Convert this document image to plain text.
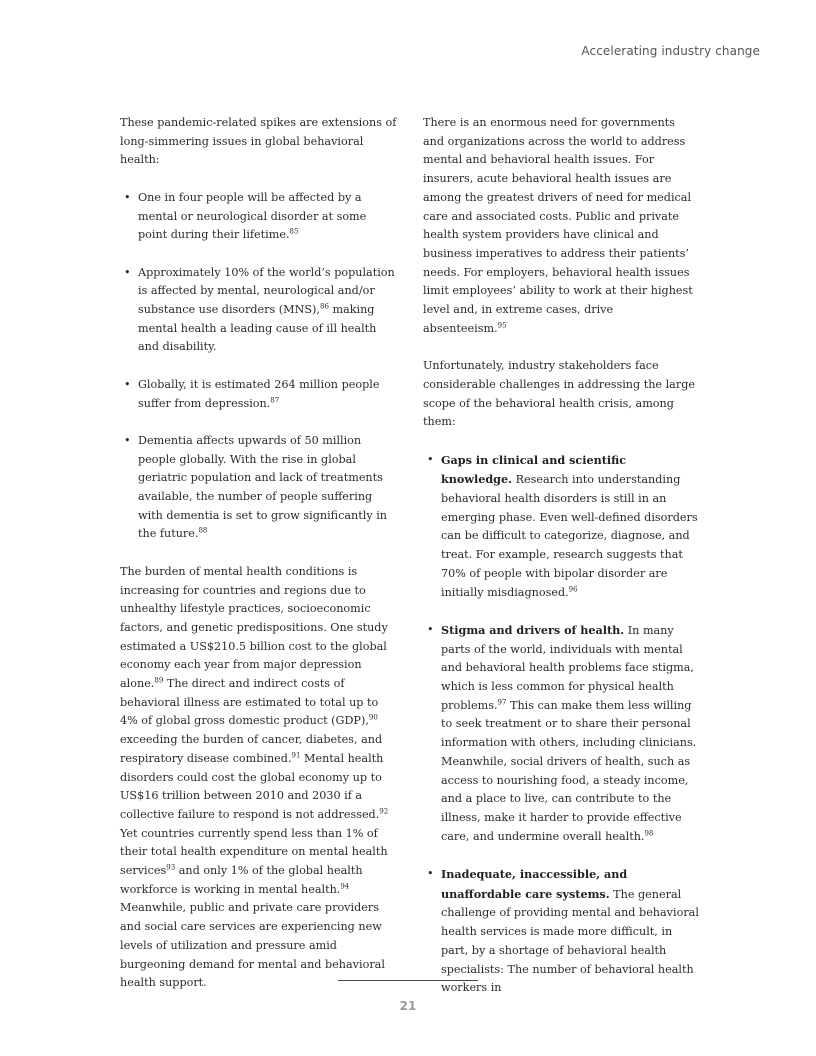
Accelerating industry change

These pandemic-related spikes are extensions of long-simmering issues in global behavioral health:

• One in four people will be affected by a mental or neurological disorder at some point during their lifetime.$^{85}$
• Approximately 10% of the world’s population is affected by mental, neurological and/or substance use disorders (MNS),$^{86}$ making mental health a leading cause of ill health and disability.
• Globally, it is estimated 264 million people suffer from depression.$^{87}$
• Dementia affects upwards of 50 million people globally. With the rise in global geriatric population and lack of treatments available, the number of people suffering with dementia is set to grow significantly in the future.$^{88}$

The burden of mental health conditions is increasing for countries and regions due to unhealthy lifestyle practices, socioeconomic factors, and genetic predispositions. One study estimated a US$210.5 billion cost to the global economy each year from major depression alone.$^{89}$ The direct and indirect costs of behavioral illness are estimated to total up to 4% of global gross domestic product (GDP),$^{90}$ exceeding the burden of cancer, diabetes, and respiratory disease combined.$^{91}$ Mental health disorders could cost the global economy up to US$16 trillion between 2010 and 2030 if a collective failure to respond is not addressed.$^{92}$ Yet countries currently spend less than 1% of their total health expenditure on mental health services$^{93}$ and only 1% of the global health workforce is working in mental health.$^{94}$ Meanwhile, public and private care providers and social care services are experiencing new levels of utilization and pressure amid burgeoning demand for mental and behavioral health support.

There is an enormous need for governments and organizations across the world to address mental and behavioral health issues. For insurers, acute behavioral health issues are among the greatest drivers of need for medical care and associated costs. Public and private health system providers have clinical and business imperatives to address their patients’ needs. For employers, behavioral health issues limit employees’ ability to work at their highest level and, in extreme cases, drive absenteeism.$^{95}$

Unfortunately, industry stakeholders face considerable challenges in addressing the large scope of the behavioral health crisis, among them:

• Gaps in clinical and scientific knowledge. Research into understanding behavioral health disorders is still in an emerging phase. Even well-defined disorders can be difficult to categorize, diagnose, and treat. For example, research suggests that 70% of people with bipolar disorder are initially misdiagnosed.$^{96}$
• Stigma and drivers of health. In many parts of the world, individuals with mental and behavioral health problems face stigma, which is less common for physical health problems.$^{97}$ This can make them less willing to seek treatment or to share their personal information with others, including clinicians. Meanwhile, social drivers of health, such as access to nourishing food, a steady income, and a place to live, can contribute to the illness, make it harder to provide effective care, and undermine overall health.$^{98}$
• Inadequate, inaccessible, and unaffordable care systems. The general challenge of providing mental and behavioral health services is made more difficult, in part, by a shortage of behavioral health specialists: The number of behavioral health workers in
21
